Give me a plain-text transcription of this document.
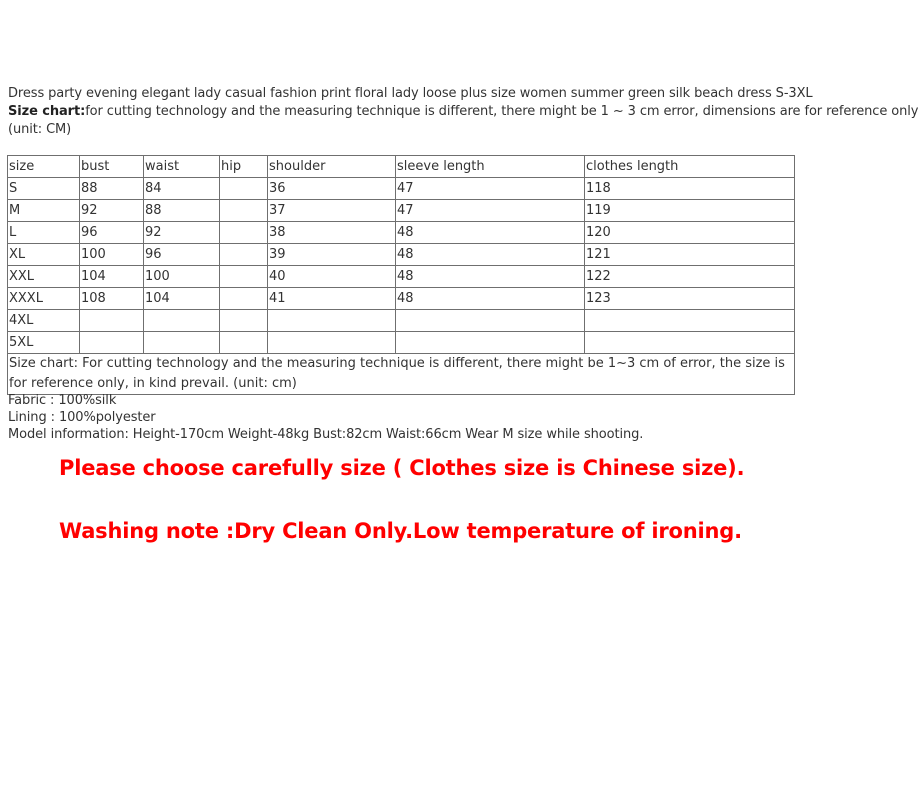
Dress party evening elegant lady casual fashion print floral lady loose plus size women summer green silk beach dress S-3XL
Size chart:for cutting technology and the measuring technique is different, there might be 1 ~ 3 cm error, dimensions are for reference only
(unit: CM)
size	bust	waist	hip	shoulder	sleeve length	clothes length
S	88	84		36	47	118
M	92	88		37	47	119
L	96	92		38	48	120
XL	100	96		39	48	121
XXL	104	100		40	48	122
XXXL	108	104		41	48	123
4XL						
5XL						
Size chart: For cutting technology and the measuring technique is different, there might be 1~3 cm of error, the size is for reference only, in kind prevail. (unit: cm)						
Fabric : 100%silk
Lining : 100%polyester
Model information: Height-170cm Weight-48kg Bust:82cm Waist:66cm Wear M size while shooting.
Please choose carefully size ( Clothes size is Chinese size).
Washing note :Dry Clean Only.Low temperature of ironing.
